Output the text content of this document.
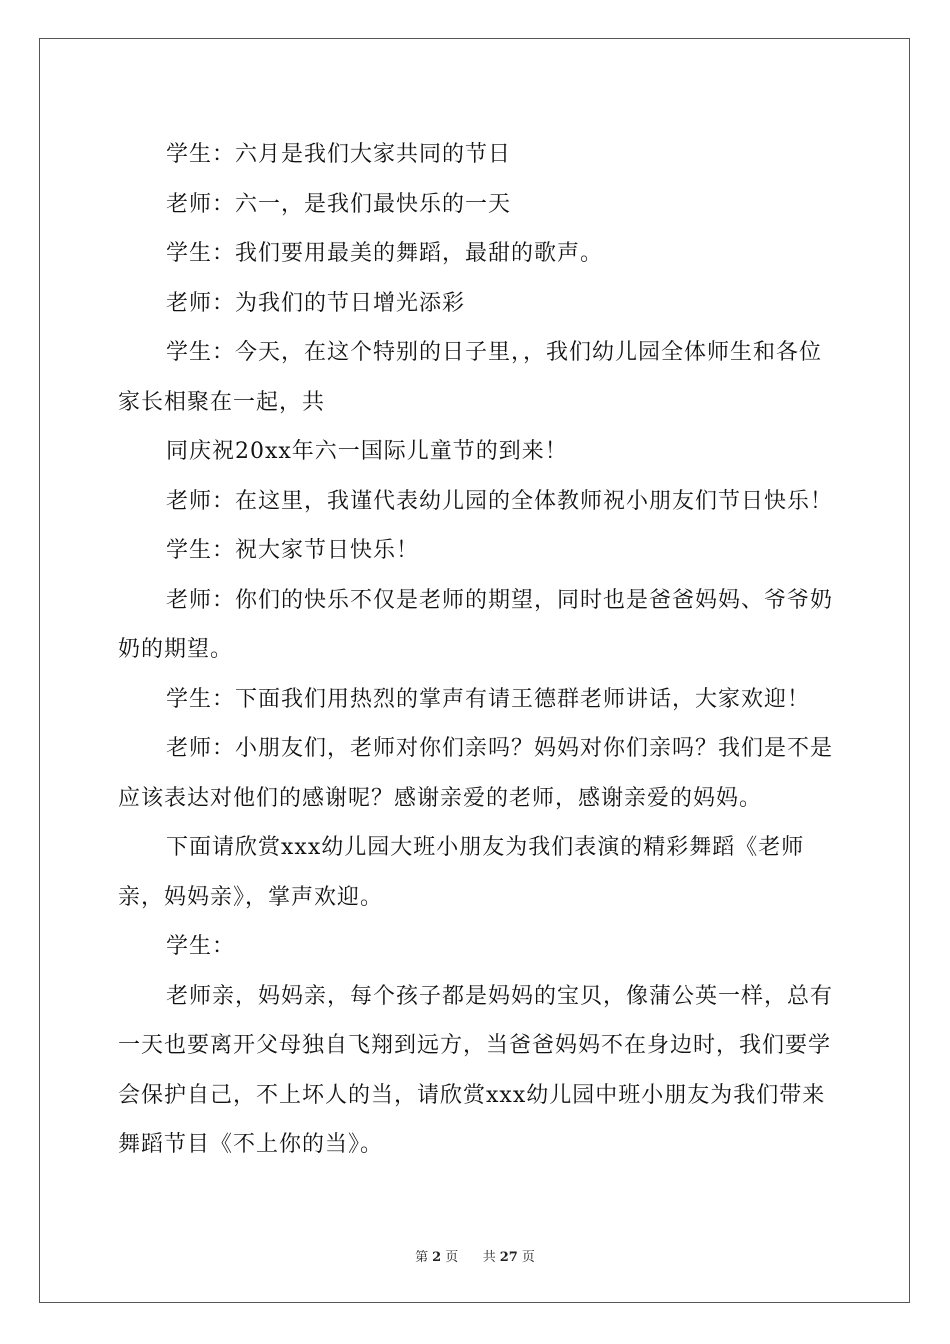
学生：六月是我们大家共同的节日

老师：六一，是我们最快乐的一天

学生：我们要用最美的舞蹈，最甜的歌声。

老师：为我们的节日增光添彩

学生：今天，在这个特别的日子里，，我们幼儿园全体师生和各位家长相聚在一起，共

同庆祝20xx年六一国际儿童节的到来！

老师：在这里，我谨代表幼儿园的全体教师祝小朋友们节日快乐！

学生：祝大家节日快乐！

老师：你们的快乐不仅是老师的期望，同时也是爸爸妈妈、爷爷奶奶的期望。

学生：下面我们用热烈的掌声有请王德群老师讲话，大家欢迎！

老师：小朋友们，老师对你们亲吗？妈妈对你们亲吗？我们是不是应该表达对他们的感谢呢？感谢亲爱的老师，感谢亲爱的妈妈。

下面请欣赏xxx幼儿园大班小朋友为我们表演的精彩舞蹈《老师亲，妈妈亲》，掌声欢迎。

学生：

老师亲，妈妈亲，每个孩子都是妈妈的宝贝，像蒲公英一样，总有一天也要离开父母独自飞翔到远方，当爸爸妈妈不在身边时，我们要学会保护自己，不上坏人的当，请欣赏xxx幼儿园中班小朋友为我们带来舞蹈节目《不上你的当》。

第 2 页 共 27 页
